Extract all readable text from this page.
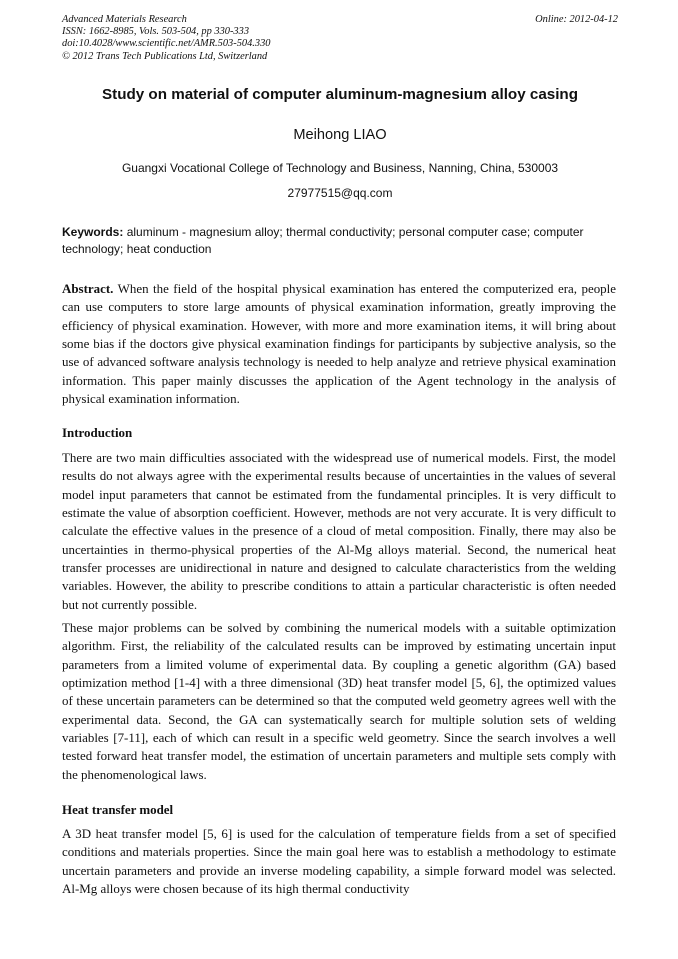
Advanced Materials Research
ISSN: 1662-8985, Vols. 503-504, pp 330-333
doi:10.4028/www.scientific.net/AMR.503-504.330
© 2012 Trans Tech Publications Ltd, Switzerland
Online: 2012-04-12
Study on material of computer aluminum-magnesium alloy casing
Meihong LIAO
Guangxi Vocational College of Technology and Business, Nanning, China, 530003
27977515@qq.com
Keywords: aluminum - magnesium alloy; thermal conductivity; personal computer case; computer technology; heat conduction

Abstract. When the field of the hospital physical examination has entered the computerized era, people can use computers to store large amounts of physical examination information, greatly improving the efficiency of physical examination. However, with more and more examination items, it will bring about some bias if the doctors give physical examination findings for participants by subjective analysis, so the use of advanced software analysis technology is needed to help analyze and retrieve physical examination information. This paper mainly discusses the application of the Agent technology in the analysis of physical examination information.

Introduction

There are two main difficulties associated with the widespread use of numerical models. First, the model results do not always agree with the experimental results because of uncertainties in the values of several model input parameters that cannot be estimated from the fundamental principles. It is very difficult to estimate the value of absorption coefficient. However, methods are not very accurate. It is very difficult to calculate the effective values in the presence of a cloud of metal composition. Finally, there may also be uncertainties in thermo-physical properties of the Al-Mg alloys material. Second, the numerical heat transfer processes are unidirectional in nature and designed to calculate characteristics from the welding variables. However, the ability to prescribe conditions to attain a particular characteristic is often needed but not currently possible.

These major problems can be solved by combining the numerical models with a suitable optimization algorithm. First, the reliability of the calculated results can be improved by estimating uncertain input parameters from a limited volume of experimental data. By coupling a genetic algorithm (GA) based optimization method [1-4] with a three dimensional (3D) heat transfer model [5, 6], the optimized values of these uncertain parameters can be determined so that the computed weld geometry agrees well with the experimental data. Second, the GA can systematically search for multiple solution sets of welding variables [7-11], each of which can result in a specific weld geometry. Since the search involves a well tested forward heat transfer model, the estimation of uncertain parameters and multiple sets comply with the phenomenological laws.

Heat transfer model

A 3D heat transfer model [5, 6] is used for the calculation of temperature fields from a set of specified conditions and materials properties. Since the main goal here was to establish a methodology to estimate uncertain parameters and provide an inverse modeling capability, a simple forward model was selected. Al-Mg alloys were chosen because of its high thermal conductivity
